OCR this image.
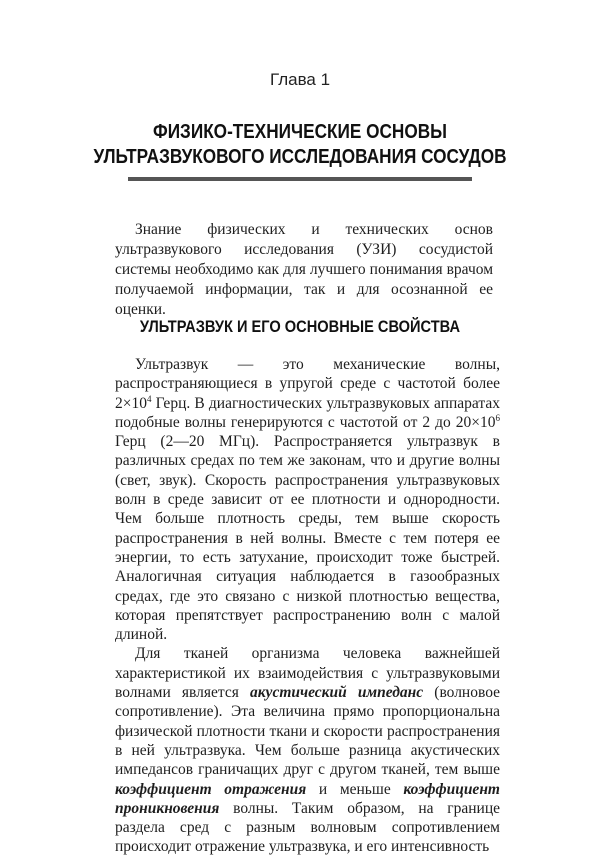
Глава 1
ФИЗИКО-ТЕХНИЧЕСКИЕ ОСНОВЫ
УЛЬТРАЗВУКОВОГО ИССЛЕДОВАНИЯ СОСУДОВ

Знание физических и технических основ ультразвукового исследования (УЗИ) сосудистой системы необходимо как для лучшего понимания врачом получаемой информации, так и для осознанной ее оценки.

УЛЬТРАЗВУК И ЕГО ОСНОВНЫЕ СВОЙСТВА

Ультразвук — это механические волны, распространяющиеся в упругой среде с частотой более $2\times 10^4$ Герц. В диагностических ультразвуковых аппаратах подобные волны генерируются с частотой от 2 до $20\times 10^6$ Герц (2—20 МГц). Распространяется ультразвук в различных средах по тем же законам, что и другие волны (свет, звук). Скорость распространения ультразвуковых волн в среде зависит от ее плотности и однородности. Чем больше плотность среды, тем выше скорость распространения в ней волны. Вместе с тем потеря ее энергии, то есть затухание, происходит тоже быстрей. Аналогичная ситуация наблюдается в газообразных средах, где это связано с низкой плотностью вещества, которая препятствует распространению волн с малой длиной.

Для тканей организма человека важнейшей характеристикой их взаимодействия с ультразвуковыми волнами является акустический импеданс (волновое сопротивление). Эта величина прямо пропорциональна физической плотности ткани и скорости распространения в ней ультразвука. Чем больше разница акустических импедансов граничащих друг с другом тканей, тем выше коэффициент отражения и меньше коэффициент проникновения волны. Таким образом, на границе раздела сред с разным волновым сопротивлением происходит отражение ультразвука, и его интенсивность
